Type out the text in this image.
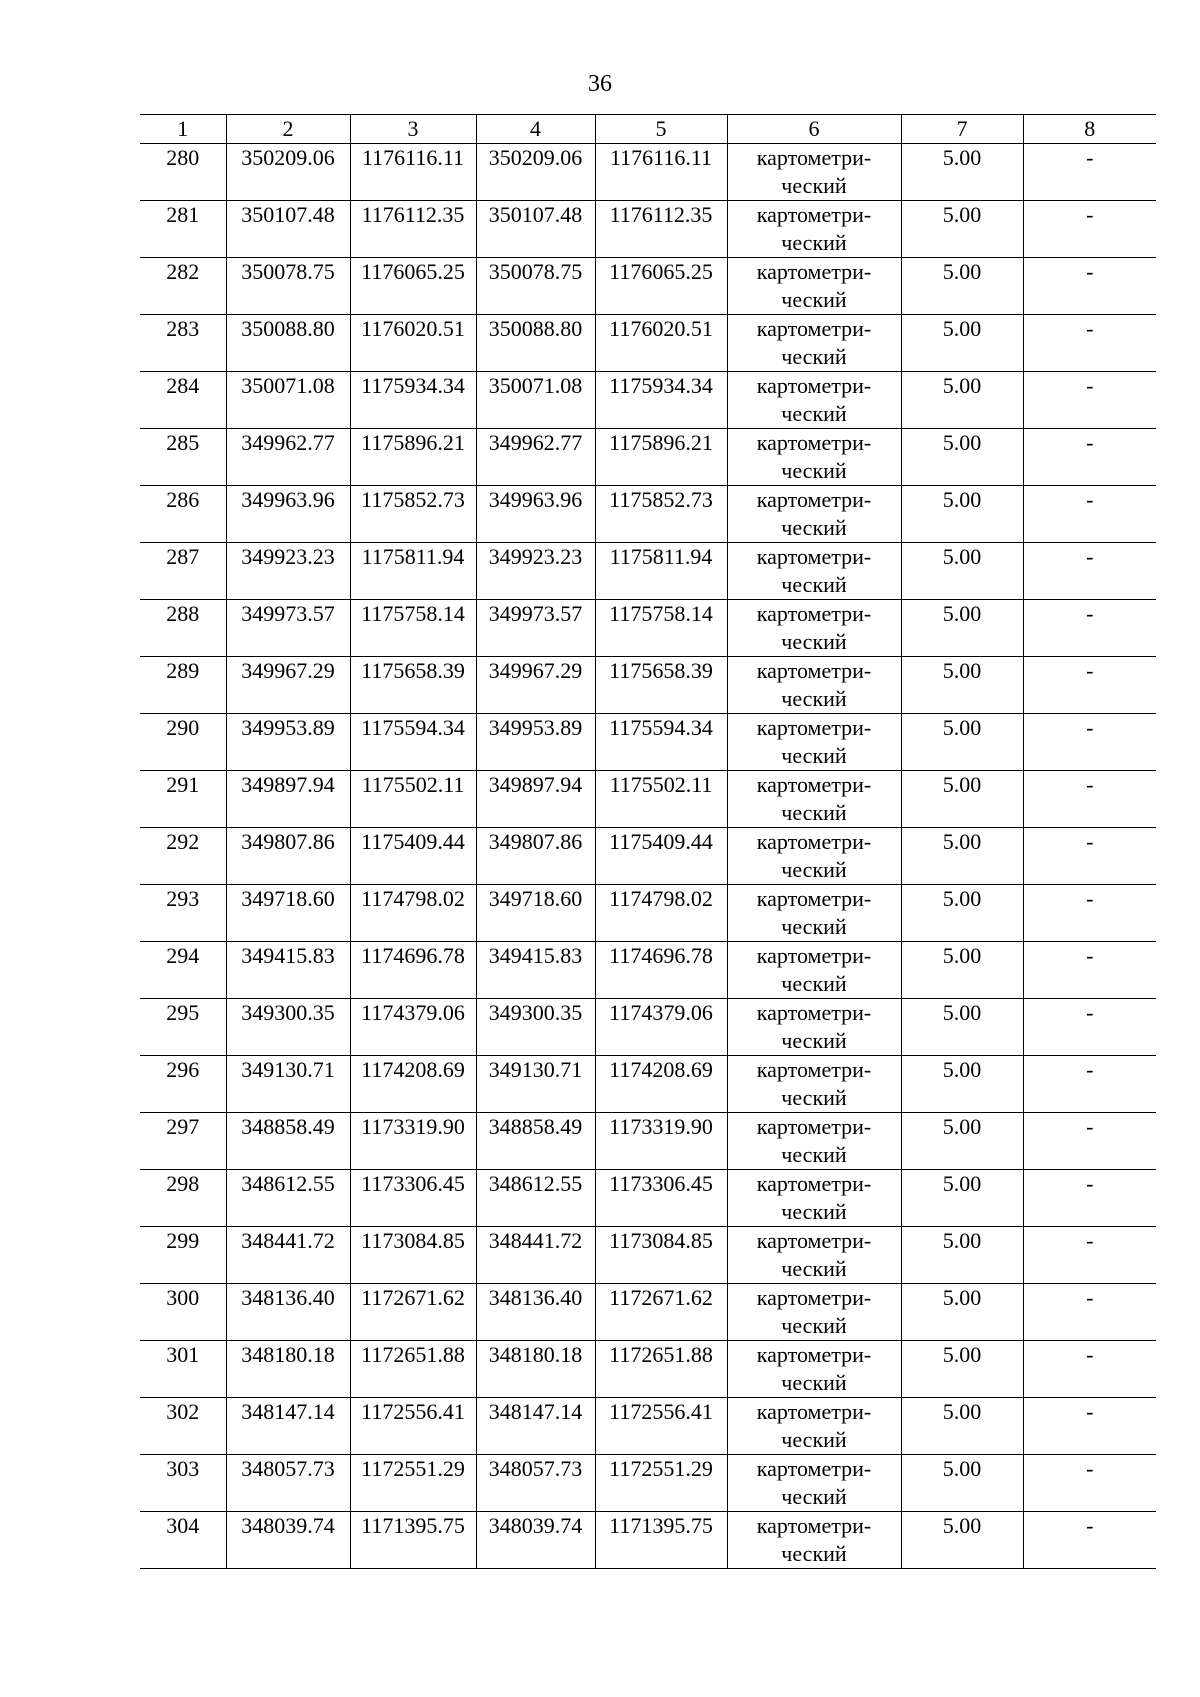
36
1	2	3	4	5	6	7	8
280	350209.06	1176116.11	350209.06	1176116.11	картометри-
ческий	5.00	-
281	350107.48	1176112.35	350107.48	1176112.35	картометри-
ческий	5.00	-
282	350078.75	1176065.25	350078.75	1176065.25	картометри-
ческий	5.00	-
283	350088.80	1176020.51	350088.80	1176020.51	картометри-
ческий	5.00	-
284	350071.08	1175934.34	350071.08	1175934.34	картометри-
ческий	5.00	-
285	349962.77	1175896.21	349962.77	1175896.21	картометри-
ческий	5.00	-
286	349963.96	1175852.73	349963.96	1175852.73	картометри-
ческий	5.00	-
287	349923.23	1175811.94	349923.23	1175811.94	картометри-
ческий	5.00	-
288	349973.57	1175758.14	349973.57	1175758.14	картометри-
ческий	5.00	-
289	349967.29	1175658.39	349967.29	1175658.39	картометри-
ческий	5.00	-
290	349953.89	1175594.34	349953.89	1175594.34	картометри-
ческий	5.00	-
291	349897.94	1175502.11	349897.94	1175502.11	картометри-
ческий	5.00	-
292	349807.86	1175409.44	349807.86	1175409.44	картометри-
ческий	5.00	-
293	349718.60	1174798.02	349718.60	1174798.02	картометри-
ческий	5.00	-
294	349415.83	1174696.78	349415.83	1174696.78	картометри-
ческий	5.00	-
295	349300.35	1174379.06	349300.35	1174379.06	картометри-
ческий	5.00	-
296	349130.71	1174208.69	349130.71	1174208.69	картометри-
ческий	5.00	-
297	348858.49	1173319.90	348858.49	1173319.90	картометри-
ческий	5.00	-
298	348612.55	1173306.45	348612.55	1173306.45	картометри-
ческий	5.00	-
299	348441.72	1173084.85	348441.72	1173084.85	картометри-
ческий	5.00	-
300	348136.40	1172671.62	348136.40	1172671.62	картометри-
ческий	5.00	-
301	348180.18	1172651.88	348180.18	1172651.88	картометри-
ческий	5.00	-
302	348147.14	1172556.41	348147.14	1172556.41	картометри-
ческий	5.00	-
303	348057.73	1172551.29	348057.73	1172551.29	картометри-
ческий	5.00	-
304	348039.74	1171395.75	348039.74	1171395.75	картометри-
ческий	5.00	-
